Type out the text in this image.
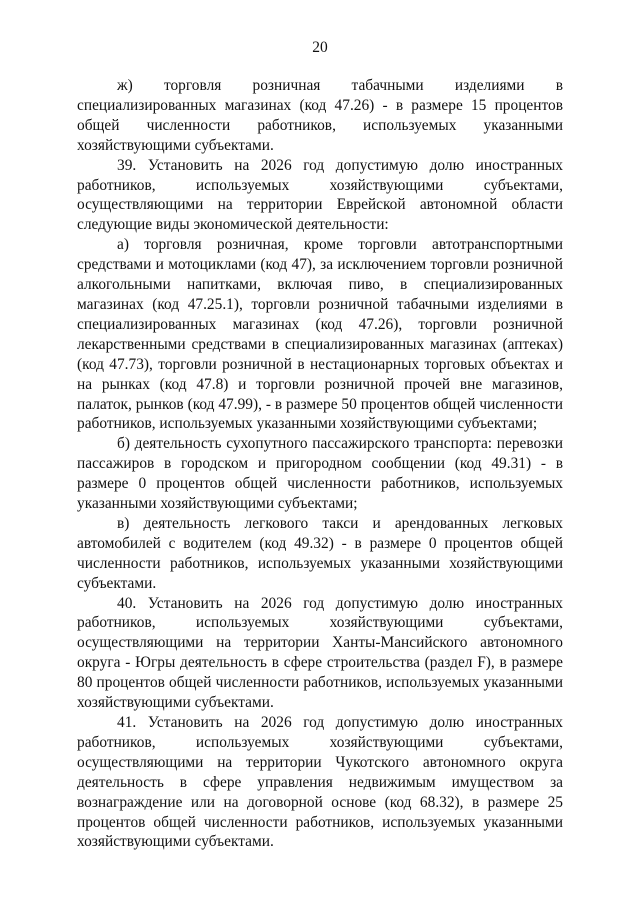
20

ж) торговля розничная табачными изделиями в специализированных магазинах (код 47.26) - в размере 15 процентов общей численности работников, используемых указанными хозяйствующими субъектами.

39. Установить на 2026 год допустимую долю иностранных работников, используемых хозяйствующими субъектами, осуществляющими на территории Еврейской автономной области следующие виды экономической деятельности:

а) торговля розничная, кроме торговли автотранспортными средствами и мотоциклами (код 47), за исключением торговли розничной алкогольными напитками, включая пиво, в специализированных магазинах (код 47.25.1), торговли розничной табачными изделиями в специализированных магазинах (код 47.26), торговли розничной лекарственными средствами в специализированных магазинах (аптеках) (код 47.73), торговли розничной в нестационарных торговых объектах и на рынках (код 47.8) и торговли розничной прочей вне магазинов, палаток, рынков (код 47.99), - в размере 50 процентов общей численности работников, используемых указанными хозяйствующими субъектами;

б) деятельность сухопутного пассажирского транспорта: перевозки пассажиров в городском и пригородном сообщении (код 49.31) - в размере 0 процентов общей численности работников, используемых указанными хозяйствующими субъектами;

в) деятельность легкового такси и арендованных легковых автомобилей с водителем (код 49.32) - в размере 0 процентов общей численности работников, используемых указанными хозяйствующими субъектами.

40. Установить на 2026 год допустимую долю иностранных работников, используемых хозяйствующими субъектами, осуществляющими на территории Ханты-Мансийского автономного округа - Югры деятельность в сфере строительства (раздел F), в размере 80 процентов общей численности работников, используемых указанными хозяйствующими субъектами.

41. Установить на 2026 год допустимую долю иностранных работников, используемых хозяйствующими субъектами, осуществляющими на территории Чукотского автономного округа деятельность в сфере управления недвижимым имуществом за вознаграждение или на договорной основе (код 68.32), в размере 25 процентов общей численности работников, используемых указанными хозяйствующими субъектами.
